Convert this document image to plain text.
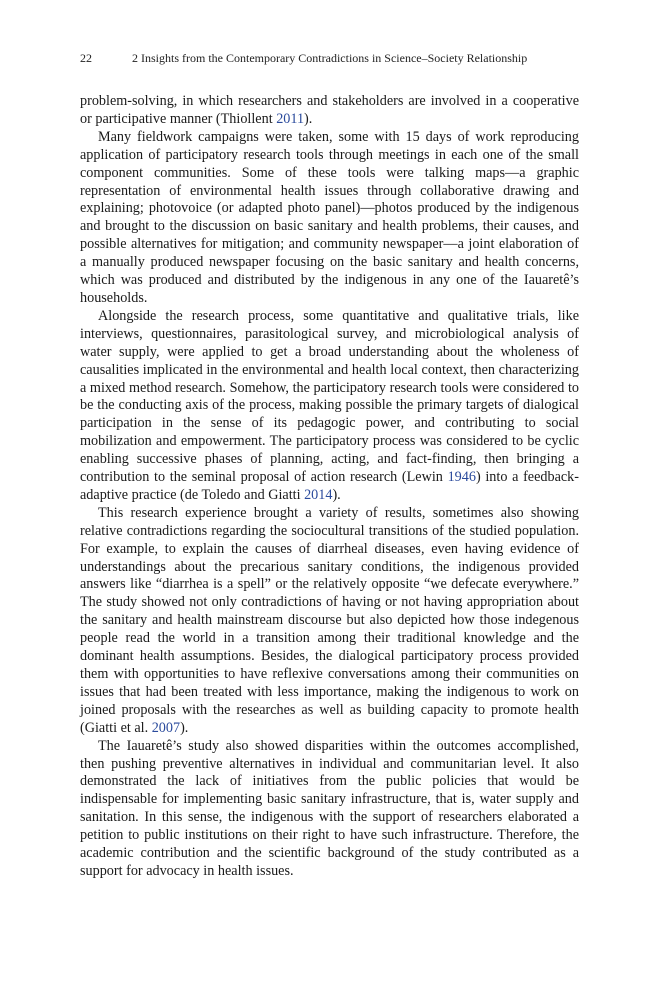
22	2 Insights from the Contemporary Contradictions in Science–Society Relationship

problem-solving, in which researchers and stakeholders are involved in a cooperative or participative manner (Thiollent 2011).

Many fieldwork campaigns were taken, some with 15 days of work reproducing application of participatory research tools through meetings in each one of the small component communities. Some of these tools were talking maps—a graphic representation of environmental health issues through collaborative drawing and explaining; photovoice (or adapted photo panel)—photos produced by the indigenous and brought to the discussion on basic sanitary and health problems, their causes, and possible alternatives for mitigation; and community newspaper—a joint elaboration of a manually produced newspaper focusing on the basic sanitary and health concerns, which was produced and distributed by the indigenous in any one of the Iauaretê’s households.

Alongside the research process, some quantitative and qualitative trials, like interviews, questionnaires, parasitological survey, and microbiological analysis of water supply, were applied to get a broad understanding about the wholeness of causalities implicated in the environmental and health local context, then characterizing a mixed method research. Somehow, the participatory research tools were considered to be the conducting axis of the process, making possible the primary targets of dialogical participation in the sense of its pedagogic power, and contributing to social mobilization and empowerment. The participatory process was considered to be cyclic enabling successive phases of planning, acting, and fact-finding, then bringing a contribution to the seminal proposal of action research (Lewin 1946) into a feedback-adaptive practice (de Toledo and Giatti 2014).

This research experience brought a variety of results, sometimes also showing relative contradictions regarding the sociocultural transitions of the studied population. For example, to explain the causes of diarrheal diseases, even having evidence of understandings about the precarious sanitary conditions, the indigenous provided answers like “diarrhea is a spell” or the relatively opposite “we defecate everywhere.” The study showed not only contradictions of having or not having appropriation about the sanitary and health mainstream discourse but also depicted how those indegenous people read the world in a transition among their traditional knowledge and the dominant health assumptions. Besides, the dialogical participatory process provided them with opportunities to have reflexive conversations among their communities on issues that had been treated with less importance, making the indigenous to work on joined proposals with the researches as well as building capacity to promote health (Giatti et al. 2007).

The Iauaretê’s study also showed disparities within the outcomes accomplished, then pushing preventive alternatives in individual and communitarian level. It also demonstrated the lack of initiatives from the public policies that would be indispensable for implementing basic sanitary infrastructure, that is, water supply and sanitation. In this sense, the indigenous with the support of researchers elaborated a petition to public institutions on their right to have such infrastructure. Therefore, the academic contribution and the scientific background of the study contributed as a support for advocacy in health issues.
